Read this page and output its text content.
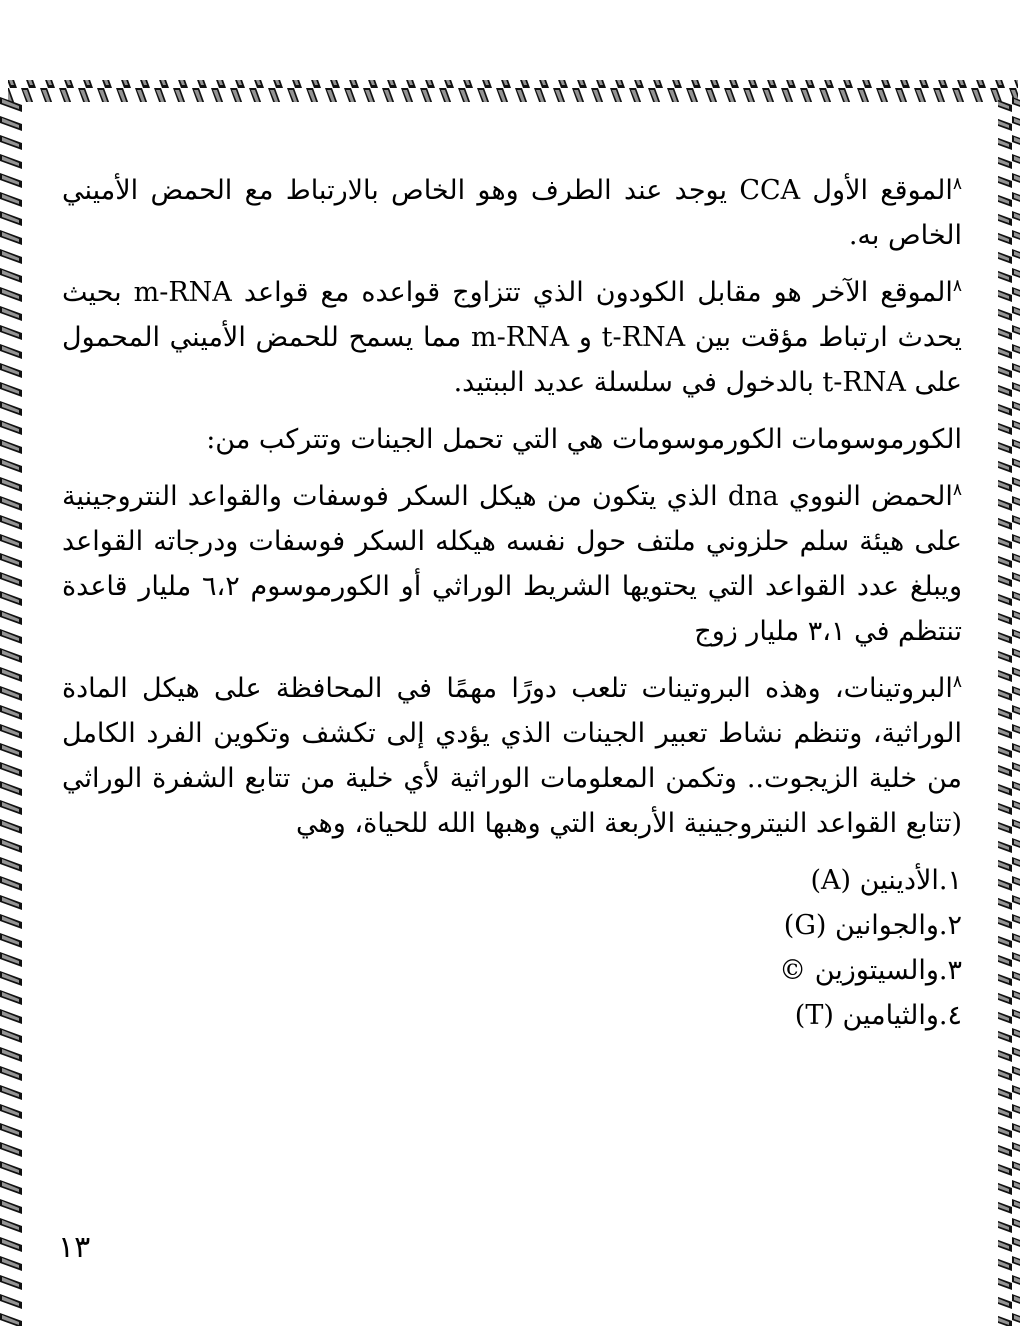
$^۸$الموقع الأول CCA يوجد عند الطرف وهو الخاص بالارتباط مع الحمض الأميني الخاص به.

$^۸$الموقع الآخر هو مقابل الكودون الذي تتزاوج قواعده مع قواعد m-RNA بحيث يحدث ارتباط مؤقت بين t-RNA و m-RNA مما يسمح للحمض الأميني المحمول على t-RNA بالدخول في سلسلة عديد الببتيد.

الكورموسومات الكورموسومات هي التي تحمل الجينات وتتركب من:

$^۸$الحمض النووي dna الذي يتكون من هيكل السكر فوسفات والقواعد النتروجينية على هيئة سلم حلزوني ملتف حول نفسه هيكله السكر فوسفات ودرجاته القواعد ويبلغ عدد القواعد التي يحتويها الشريط الوراثي أو الكورموسوم ٦،٢ مليار قاعدة تنتظم في ٣،١ مليار زوج

$^۸$البروتينات، وهذه البروتينات تلعب دورًا مهمًا في المحافظة على هيكل المادة الوراثية، وتنظم نشاط تعبير الجينات الذي يؤدي إلى تكشف وتكوين الفرد الكامل من خلية الزيجوت.. وتكمن المعلومات الوراثية لأي خلية من تتابع الشفرة الوراثي (تتابع القواعد النيتروجينية الأربعة التي وهبها الله للحياة، وهي

١.الأدينين (A)
٢.والجوانين (G)
٣.والسيتوزين ©
٤.والثيامين (T)
١٣
